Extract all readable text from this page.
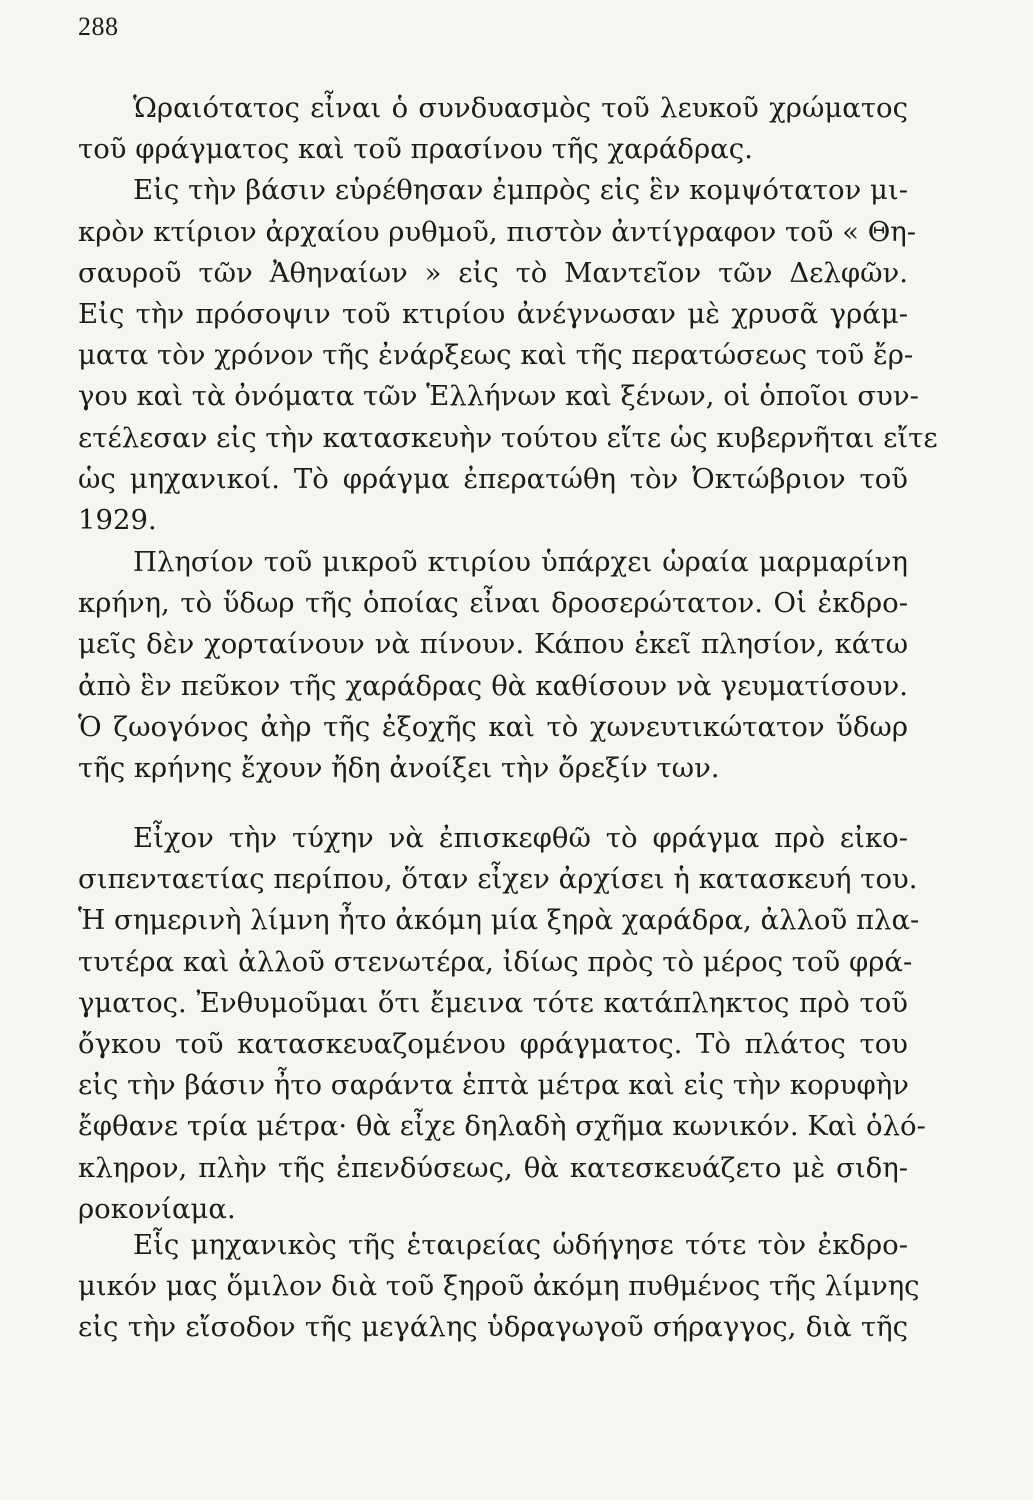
288
Ὡραιότατος εἶναι ὁ συνδυασμὸς τοῦ λευκοῦ χρώματος
τοῦ φράγματος καὶ τοῦ πρασίνου τῆς χαράδρας.
Εἰς τὴν βάσιν εὑρέθησαν ἐμπρὸς εἰς ἓν κομψότατον μι-
κρὸν κτίριον ἀρχαίου ρυθμοῦ, πιστὸν ἀντίγραφον τοῦ « Θη-
σαυροῦ τῶν Ἀθηναίων » εἰς τὸ Μαντεῖον τῶν Δελφῶν.
Εἰς τὴν πρόσοψιν τοῦ κτιρίου ἀνέγνωσαν μὲ χρυσᾶ γράμ-
ματα τὸν χρόνον τῆς ἐνάρξεως καὶ τῆς περατώσεως τοῦ ἔρ-
γου καὶ τὰ ὀνόματα τῶν Ἑλλήνων καὶ ξένων, οἱ ὁποῖοι συν-
ετέλεσαν εἰς τὴν κατασκευὴν τούτου εἴτε ὡς κυβερνῆται εἴτε
ὡς μηχανικοί. Τὸ φράγμα ἐπερατώθη τὸν Ὀκτώβριον τοῦ
1929.
Πλησίον τοῦ μικροῦ κτιρίου ὑπάρχει ὡραία μαρμαρίνη
κρήνη, τὸ ὕδωρ τῆς ὁποίας εἶναι δροσερώτατον. Οἱ ἐκδρο-
μεῖς δὲν χορταίνουν νὰ πίνουν. Κάπου ἐκεῖ πλησίον, κάτω
ἀπὸ ἓν πεῦκον τῆς χαράδρας θὰ καθίσουν νὰ γευματίσουν.
Ὁ ζωογόνος ἀὴρ τῆς ἐξοχῆς καὶ τὸ χωνευτικώτατον ὕδωρ
τῆς κρήνης ἔχουν ἤδη ἀνοίξει τὴν ὄρεξίν των.
Εἶχον τὴν τύχην νὰ ἐπισκεφθῶ τὸ φράγμα πρὸ εἰκο-
σιπενταετίας περίπου, ὅταν εἶχεν ἀρχίσει ἡ κατασκευή του.
Ἡ σημερινὴ λίμνη ἦτο ἀκόμη μία ξηρὰ χαράδρα, ἀλλοῦ πλα-
τυτέρα καὶ ἀλλοῦ στενωτέρα, ἰδίως πρὸς τὸ μέρος τοῦ φρά-
γματος. Ἐνθυμοῦμαι ὅτι ἔμεινα τότε κατάπληκτος πρὸ τοῦ
ὄγκου τοῦ κατασκευαζομένου φράγματος. Τὸ πλάτος του
εἰς τὴν βάσιν ἦτο σαράντα ἑπτὰ μέτρα καὶ εἰς τὴν κορυφὴν
ἔφθανε τρία μέτρα· θὰ εἶχε δηλαδὴ σχῆμα κωνικόν. Καὶ ὁλό-
κληρον, πλὴν τῆς ἐπενδύσεως, θὰ κατεσκευάζετο μὲ σιδη-
ροκονίαμα.
Εἷς μηχανικὸς τῆς ἑταιρείας ὡδήγησε τότε τὸν ἐκδρο-
μικόν μας ὅμιλον διὰ τοῦ ξηροῦ ἀκόμη πυθμένος τῆς λίμνης
εἰς τὴν εἴσοδον τῆς μεγάλης ὑδραγωγοῦ σήραγγος, διὰ τῆς
